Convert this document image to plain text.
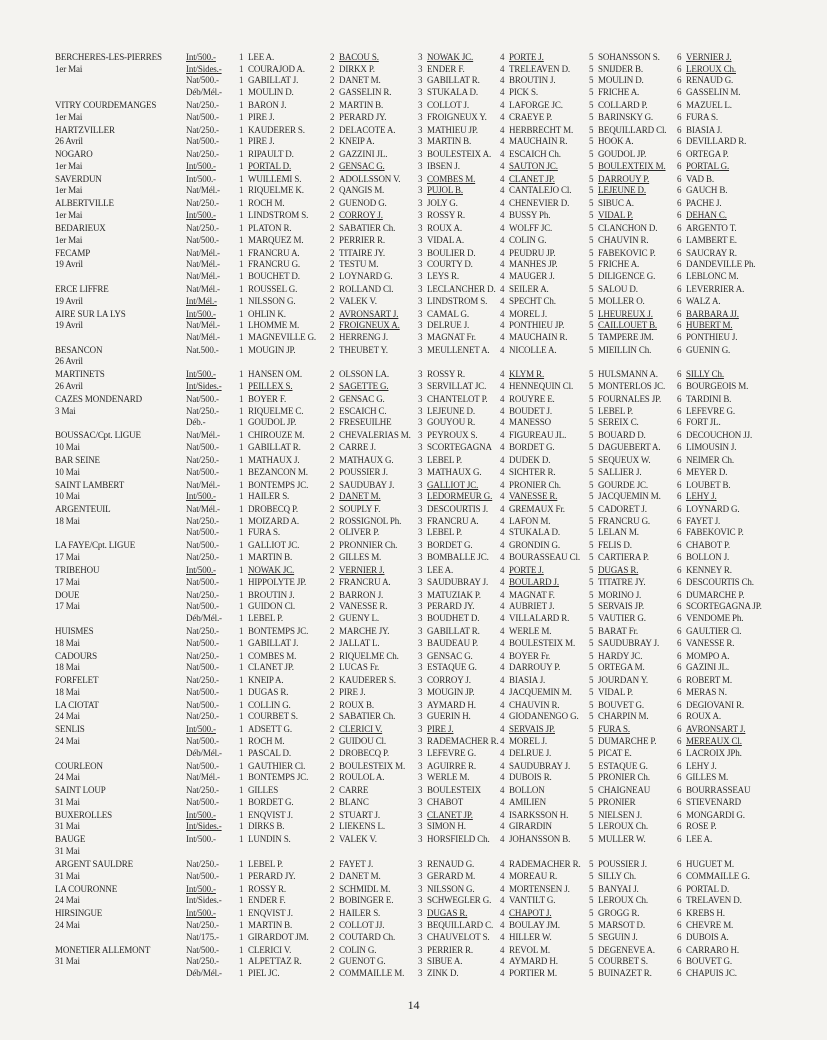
BERCHERES-LES-PIERRES
1er Mai
Int/500.-	1 LEE A.	2 BACOU S.	3 NOWAK JC.	4 PORTE J.	5 SOHANSSON S. 6 VERNIER J.
Int/Sides.- 1 COURAJOD A.	2 DIRKX P.	3 ENDER F.	4 TRELEAVEN D. 5 SNIJDER B.	6 LEROUX Ch.
Nat/500.- 1 GABILLAT J.	2 DANET M.	3 GABILLAT R. 4 BROUTIN J.	5 MOULIN D.	6 RENAUD G.
Déb/Mél.- 1 MOULIN D.	2 GASSELIN R.	3 STUKALA D. 4 PICK S.	5 FRICHE A.	6 GASSELIN M.
VITRY COURDEMANGES
1er Mai
Nat/250.- 1 BARON J.	2 MARTIN B.	3 COLLOT J.	4 LAFORGE JC.	5 COLLARD P.	6 MAZUEL L.
Nat/500.- 1 PIRE J.	2 PERARD JY.	3 FROIGNEUX Y. 4 CRAEYE P.	5 BARINSKY G.	6 FURA S.
HARTZVILLER
26 Avril
Nat/250.- 1 KAUDERER S.	2 DELACOTE A.	3 MATHIEU JP. 4 HERBRECHT M. 5 BEQUILLARD Cl. 6 BIASIA J.
Nat/500.- 1 PIRE J.	2 KNEIP A.	3 MARTIN B.	4 MAUCHAIN R. 5 HOOK A.	6 DEVILLARD R.
NOGARO
1er Mai
Nat/250.- 1 RIPAULT D.	2 GAZZINI JL.	3 BOULESTEIX A. 4 ESCAICH Ch.	5 GOUDOL JP.	6 ORTEGA P.
Int/500.-	1 PORTAL D.	2 GENSAC G.	3 IBSEN J.	4 SAUTON JC.	5 BOULEXTEIX M. 6 PORTAL G.
SAVERDUN
1er Mai
Int/500.-	1 WUILLEMI S.	2 ADOLLSSON V. 3 COMBES M.	4 CLANET JP.	5 DARROUY P.	6 VAD B.
Nat/Mél.- 1 RIQUELME K.	2 QANGIS M.	3 PUJOL B.	4 CANTALEJO Cl. 5 LEJEUNE D.	6 GAUCH B.
ALBERTVILLE
1er Mai
Nat/250.- 1 ROCH M.	2 GUENOD G.	3 JOLY G.	4 CHENEVIER D. 5 SIBUC A.	6 PACHE J.
Int/500.-	1 LINDSTROM S. 2 CORROY J.	3 ROSSY R.	4 BUSSY Ph.	5 VIDAL P.	6 DEHAN C.
BEDARIEUX
1er Mai
Nat/250.- 1 PLATON R.	2 SABATIER Ch.	3 ROUX A.	4 WOLFF JC.	5 CLANCHON D. 6 ARGENTO T.
Nat/500.- 1 MARQUEZ M.	2 PERRIER R.	3 VIDAL A.	4 COLIN G.	5 CHAUVIN R.	6 LAMBERT E.
FECAMP
19 Avril
Nat/Mél.- 1 FRANCRU A.	2 TITAIRE JY.	3 BOULIER D.	4 PEUDRU JP.	5 FABEKOVIC P. 6 SAUCRAY R.
Nat/Mél.- 1 FRANCRU G.	2 TESTU M.	3 COURTY D.	4 MANHES JP.	5 FRICHE A.	6 DANDEVILLE Ph.
Nat/Mél.- 1 BOUCHET D.	2 LOYNARD G.	3 LEYS R.	4 MAUGER J.	5 DILIGENCE G. 6 LEBLONC M.
ERCE LIFFRE
19 Avril
Nat/Mél.- 1 ROUSSEL G.	2 ROLLAND Cl.	3 LECLANCHER D. 4 SEILER A.	5 SALOU D.	6 LEVERRIER A.
Int/Mél.- 1 NILSSON G.	2 VALEK V.	3 LINDSTROM S. 4 SPECHT Ch.	5 MOLLER O.	6 WALZ A.
AIRE SUR LA LYS
19 Avril
Int/500.-	1 OHLIN K.	2 AVRONSART J. 3 CAMAL G.	4 MOREL J.	5 LHEUREUX J.	6 BARBARA JJ.
Nat/Mél.- 1 LHOMME M.	2 FROIGNEUX A. 3 DELRUE J.	4 PONTHIEU JP.	5 CAILLOUET B. 6 HUBERT M.
Nat/Mél.- 1 MAGNEVILLE G. 2 HERRENG J.	3 MAGNAT Fr.	4 MAUCHAIN R. 5 TAMPERE JM.	6 PONTHIEU J.
BESANCON
26 Avril
Nat.500.- 1 MOUGIN JP.	2 THEUBET Y.	3 MEULLENET A. 4 NICOLLE A.	5 MIEILLIN Ch.	6 GUENIN G.
MARTINETS
26 Avril
Int/500.-	1 HANSEN OM.	2 OLSSON LA.	3 ROSSY R.	4 KLYM R.	5 HULSMANN A. 6 SILLY Ch.
Int/Sides.- 1 PEILLEX S.	2 SAGETTE G.	3 SERVILLAT JC. 4 HENNEQUIN Cl. 5 MONTERLOS JC. 6 BOURGEOIS M.
CAZES MONDENARD
3 Mai
Nat/500.- 1 BOYER F.	2 GENSAC G.	3 CHANTELOT P. 4 ROUYRE E.	5 FOURNALES JP. 6 TARDINI B.
Nat/250.- 1 RIQUELME C.	2 ESCAICH C.	3 LEJEUNE D.	4 BOUDET J.	5 LEBEL P.	6 LEFEVRE G.
Déb.-	1 GOUDOL JP.	2 FRESEUILHE	3 GOUYOU R.	4 MANESSO	5 SEREIX C.	6 FORT JL.
BOUSSAC/Cpt. LIGUE
10 Mai
Nat/Mél.- 1 CHIROUZE M.	2 CHEVALERIAS M. 3 PEYROUX S. 4 FIGUREAU JL.	5 BOUARD D.	6 DECOUCHON JJ.
Nat/500.- 1 GABILLAT R.	2 CARRE J.	3 SCORTEGAGNA 4 BORDET G.	5 DAGUEBERT A. 6 LIMOUSIN J.
BAR SEINE
10 Mai
Nat/250.- 1 MATHAUX J.	2 MATHAUX G.	3 LEBEL P.	4 DUDEK D.	5 SEQUEUX W.	6 NEIMER Ch.
Nat/500.- 1 BEZANCON M. 2 POUSSIER J.	3 MATHAUX G. 4 SICHTER R.	5 SALLIER J.	6 MEYER D.
SAINT LAMBERT
10 Mai
Nat/Mél.- 1 BONTEMPS JC. 2 SAUDUBAY J.	3 GALLIOT JC. 4 PRONIER Ch.	5 GOURDE JC.	6 LOUBET B.
Int/500.-	1 HAILER S.	2 DANET M.	3 LEDORMEUR G. 4 VANESSE R.	5 JACQUEMIN M. 6 LEHY J.
ARGENTEUIL
18 Mai
Nat/Mél.- 1 DROBECQ P.	2 SOUPLY F.	3 DESCOURTIS J. 4 GREMAUX Fr.	5 CADORET J.	6 LOYNARD G.
Nat/250.- 1 MOIZARD A.	2 ROSSIGNOL Ph. 3 FRANCRU A. 4 LAFON M.	5 FRANCRU G.	6 FAYET J.
Nat/500.- 1 FURA S.	2 OLIVER P.	3 LEBEL P.	4 STUKALA D.	5 LELAN M.	6 FABEKOVIC P.
LA FAYE/Cpt. LIGUE
17 Mai
Nat/500.- 1 GALLIOT JC.	2 PRONNIER Ch. 3 BORDET G.	4 GRONDIN G.	5 FELIS D.	6 CHABOT P.
Nat/250.- 1 MARTIN B.	2 GILLES M.	3 BOMBALLE JC. 4 BOURASSEAU Cl. 5 CARTIERA P.	6 BOLLON J.
TRIBEHOU
17 Mai
Int/500.-	1 NOWAK JC.	2 VERNIER J.	3 LEE A.	4 PORTE J.	5 DUGAS R.	6 KENNEY R.
Nat/500.- 1 HIPPOLYTE JP.	2 FRANCRU A.	3 SAUDUBRAY J. 4 BOULARD J.	5 TITATRE JY.	6 DESCOURTIS Ch.
DOUE
17 Mai
Nat/250.- 1 BROUTIN J.	2 BARRON J.	3 MATUZIAK P. 4 MAGNAT F.	5 MORINO J.	6 DUMARCHE P.
Nat/500.- 1 GUIDON Cl.	2 VANESSE R.	3 PERARD JY.	4 AUBRIET J.	5 SERVAIS JP.	6 SCORTEGAGNA JP.
Déb/Mél.- 1 LEBEL P.	2 GUENY L.	3 BOUDHET D. 4 VILLALARD R. 5 VAUTIER G.	6 VENDOME Ph.
HUISMES
18 Mai
Nat/250.- 1 BONTEMPS JC. 2 MARCHE JY.	3 GABILLAT R. 4 WERLE M.	5 BARAT Fr.	6 GAULTIER Cl.
Nat/500.- 1 GABILLAT J.	2 JALLAT L.	3 BAUDEAU P. 4 BOULESTEIX M. 5 SAUDUBRAY J. 6 VANESSE R.
CADOURS
18 Mai
Nat/250.- 1 COMBES M.	2 RIQUELME Ch. 3 GENSAC G.	4 BOYER Fr.	5 HARDY JC.	6 MOMPO A.
Nat/500.- 1 CLANET JP.	2 LUCAS Fr.	3 ESTAQUE G.	4 DARROUY P.	5 ORTEGA M.	6 GAZINI JL.
FORFELET
18 Mai
Nat/250.- 1 KNEIP A.	2 KAUDERER S. 3 CORROY J.	4 BIASIA J.	5 JOURDAN Y.	6 ROBERT M.
Nat/500.- 1 DUGAS R.	2 PIRE J.	3 MOUGIN JP.	4 JACQUEMIN M. 5 VIDAL P.	6 MERAS N.
LA CIOTAT
24 Mai
Nat/500.- 1 COLLIN G.	2 ROUX B.	3 AYMARD H.	4 CHAUVIN R.	5 BOUVET G.	6 DEGIOVANI R.
Nat/250.- 1 COURBET S.	2 SABATIER Ch.	3 GUERIN H.	4 GIODANENGO G. 5 CHARPIN M.	6 ROUX A.
SENLIS
24 Mai
Int/500.-	1 ADSETT G.	2 CLERICI V.	3 PIRE J.	4 SERVAIS JP.	5 FURA S.	6 AVRONSART J.
Nat/500.- 1 ROCH M.	2 GUIDOU Cl.	3 RADEMACHER R. 4 MOREL J.	5 DUMARCHE P. 6 MEREAUX Cl.
Déb/Mél.- 1 PASCAL D.	2 DROBECQ P.	3 LEFEVRE G.	4 DELRUE J.	5 PICAT E.	6 LACROIX JPh.
COURLEON
24 Mai
Nat/500.- 1 GAUTHIER Cl.	2 BOULESTEIX M. 3 AGUIRRE R.	4 SAUDUBRAY J. 5 ESTAQUE G.	6 LEHY J.
Nat/Mél.- 1 BONTEMPS JC. 2 ROULOL A.	3 WERLE M.	4 DUBOIS R.	5 PRONIER Ch.	6 GILLES M.
SAINT LOUP
31 Mai
Nat/250.- 1 GILLES	2 CARRE	3 BOULESTEIX 4 BOLLON	5 CHAIGNEAU	6 BOURRASSEAU
Nat/500.- 1 BORDET G.	2 BLANC	3 CHABOT	4 AMILIEN	5 PRONIER	6 STIEVENARD
BUXEROLLES
31 Mai
Int/500.-	1 ENQVIST J.	2 STUART J.	3 CLANET JP.	4 ISARKSSON H. 5 NIELSEN J.	6 MONGARDI G.
Int/Sides.- 1 DIRKS B.	2 LIEKENS L.	3 SIMON H.	4 GIRARDIN	5 LEROUX Ch.	6 ROSE P.
BAUGE
31 Mai
Int/500.-	1 LUNDIN S.	2 VALEK V.	3 HORSFIELD Ch. 4 JOHANSSON B. 5 MULLER W.	6 LEE A.
ARGENT SAULDRE
31 Mai
Nat/250.- 1 LEBEL P.	2 FAYET J.	3 RENAUD G.	4 RADEMACHER R. 5 POUSSIER J.	6 HUGUET M.
Nat/500.- 1 PERARD JY.	2 DANET M.	3 GERARD M.	4 MOREAU R.	5 SILLY Ch.	6 COMMAILLE G.
LA COURONNE
24 Mai
Int/500.-	1 ROSSY R.	2 SCHMIDL M.	3 NILSSON G.	4 MORTENSEN J. 5 BANYAI J.	6 PORTAL D.
Int/Sides.- 1 ENDER F.	2 BOBINGER E.	3 SCHWEGLER G. 4 VANTILT G.	5 LEROUX Ch.	6 TRELAVEN D.
HIRSINGUE
24 Mai
Int/500.-	1 ENQVIST J.	2 HAILER S.	3 DUGAS R.	4 CHAPOT J.	5 GROGG R.	6 KREBS H.
Nat/250.- 1 MARTIN B.	2 COLLOT JJ.	3 BEQUILLARD C. 4 BOULAY JM.	5 MARSOT D.	6 CHEVRE M.
Nat/175.- 1 GIRARDOT JM. 2 COUTARD Ch.	3 CHAUVELOT S. 4 HILLER W.	5 SEGUIN J.	6 DUBOIS A.
MONETIER ALLEMONT
31 Mai
Nat/500.- 1 CLERICI V.	2 COLIN G.	3 PERRIER R.	4 REVOL M.	5 DEGENEVE A. 6 CARRARO H.
Nat/250.- 1 ALPETTAZ R.	2 GUENOT G.	3 SIBUE A.	4 AYMARD H.	5 COURBET S.	6 BOUVET G.
Déb/Mél.- 1 PIEL JC.	2 COMMAILLE M. 3 ZINK D.	4 PORTIER M.	5 BUINAZET R.	6 CHAPUIS JC.
14
